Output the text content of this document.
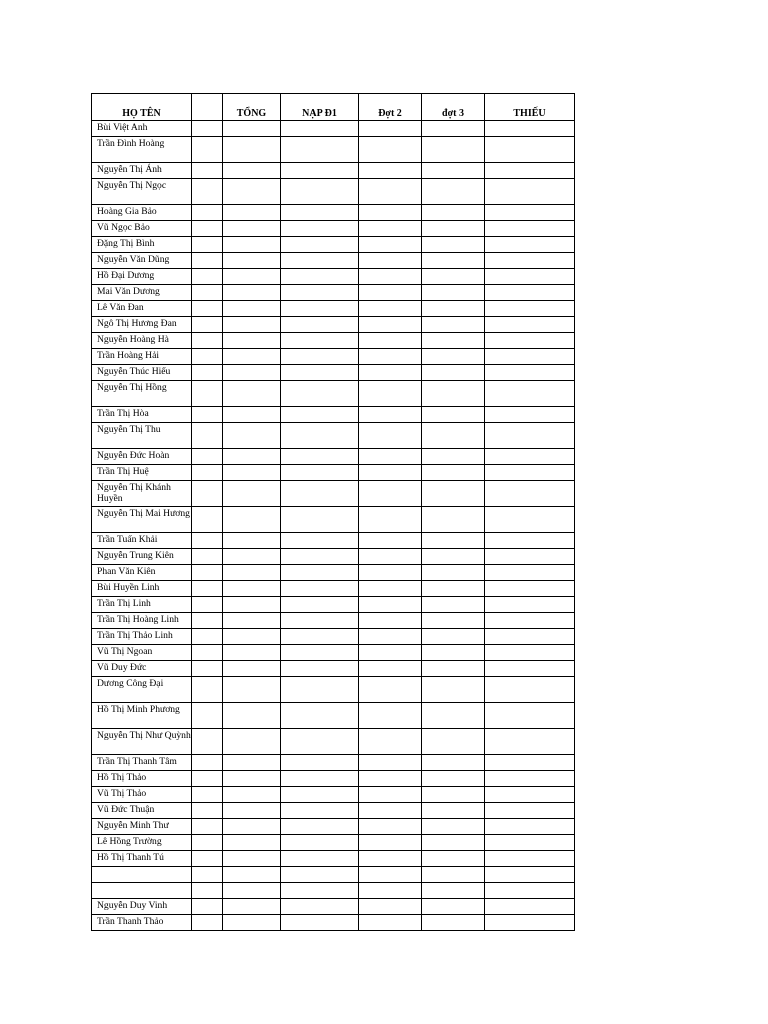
HỌ TÊN		TỔNG	NẠP Đ1	Đợt 2	đợt 3	THIẾU
Bùi Việt Anh						
Trần Đình Hoàng						
Nguyễn Thị Ánh						
Nguyễn Thị Ngọc						
Hoàng Gia Bảo						
Vũ Ngọc Bảo						
Đặng Thị Bình						
Nguyễn Văn Dũng						
Hồ Đại Dương						
Mai Văn Dương						
Lê Văn Đan						
Ngô Thị Hương Đan						
Nguyễn Hoàng Hà						
Trần Hoàng Hải						
Nguyễn Thúc Hiếu						
Nguyễn Thị Hồng						
Trần Thị Hòa						
Nguyễn Thị Thu						
Nguyễn Đức Hoàn						
Trần Thị Huệ						
Nguyễn Thị Khánh Huyền						
Nguyễn Thị Mai Hương						
Trần Tuấn Khải						
Nguyễn Trung Kiên						
Phan Văn Kiên						
Bùi Huyền Linh						
Trần Thị Linh						
Trần Thị Hoàng Linh						
Trần Thị Thảo Linh						
Vũ Thị Ngoan						
Vũ Duy Đức						
Dương Công Đại						
Hồ Thị Minh Phương						
Nguyễn Thị Như Quỳnh						
Trần Thị Thanh Tâm						
Hồ Thị Thảo						
Vũ Thị Thảo						
Vũ Đức Thuận						
Nguyễn Minh Thư						
Lê Hồng Trường						
Hồ Thị Thanh Tú						

Nguyễn Duy Vinh						
Trần Thanh Thảo						
